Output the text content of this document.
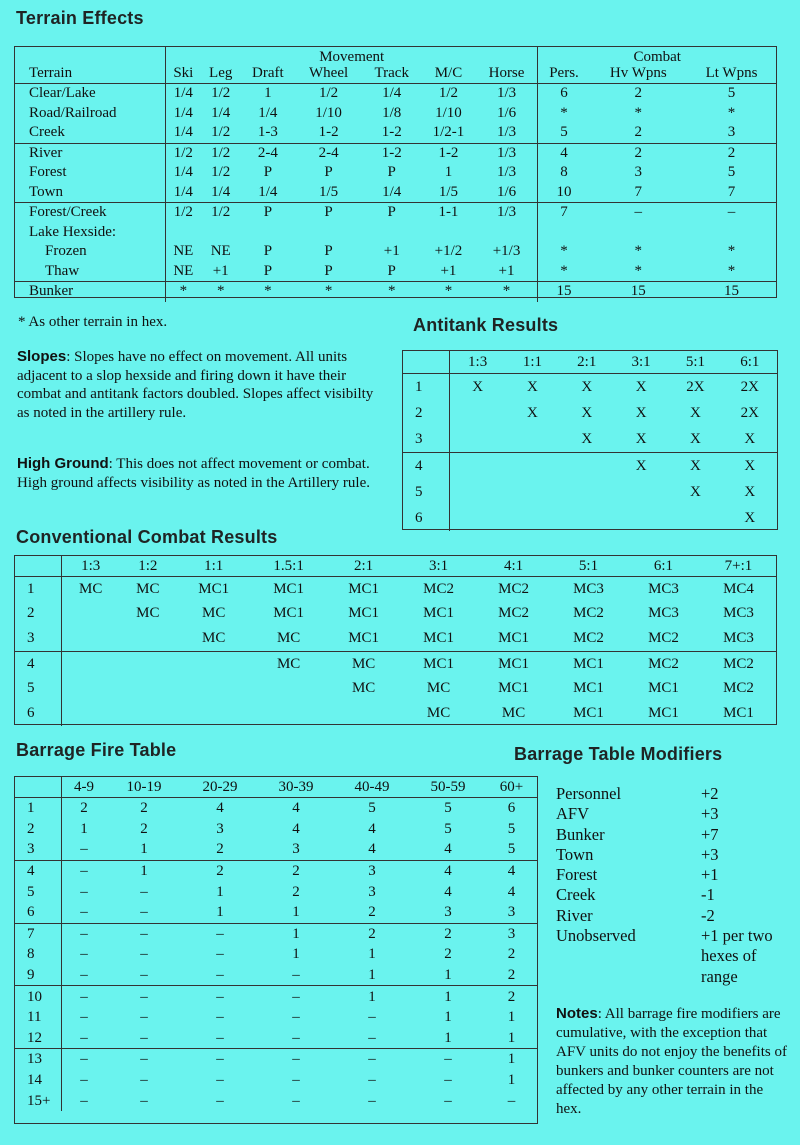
Terrain Effects
	Movement							Combat		
Terrain	Ski	Leg	Draft	Wheel	Track	M/C	Horse	Pers.	Hv Wpns	Lt Wpns
Clear/Lake	1/4	1/2	1	1/2	1/4	1/2	1/3	6	2	5
Road/Railroad	1/4	1/4	1/4	1/10	1/8	1/10	1/6	*	*	*
Creek	1/4	1/2	1-3	1-2	1-2	1/2-1	1/3	5	2	3
River	1/2	1/2	2-4	2-4	1-2	1-2	1/3	4	2	2
Forest	1/4	1/2	P	P	P	1	1/3	8	3	5
Town	1/4	1/4	1/4	1/5	1/4	1/5	1/6	10	7	7
Forest/Creek	1/2	1/2	P	P	P	1-1	1/3	7	–	–
Lake Hexside:										
Frozen	NE	NE	P	P	+1	+1/2	+1/3	*	*	*
Thaw	NE	+1	P	P	P	+1	+1	*	*	*
Bunker	*	*	*	*	*	*	*	15	15	15
* As other terrain in hex.	Antitank Results
	1:3	1:1	2:1	3:1	5:1	6:1
1	X	X	X	X	2X	2X
2		X	X	X	X	2X
3			X	X	X	X
4				X	X	X
5					X	X
6						X
Slopes: Slopes have no effect on movement. All units adjacent to a slop hexside and firing down it have their combat and antitank factors doubled. Slopes affect visibilty as noted in the artillery rule.
High Ground: This does not affect movement or combat. High ground affects visibility as noted in the Artillery rule.
Conventional Combat Results
	1:3	1:2	1:1	1.5:1	2:1	3:1	4:1	5:1	6:1	7+:1
1	MC	MC	MC1	MC1	MC1	MC2	MC2	MC3	MC3	MC4
2		MC	MC	MC1	MC1	MC1	MC2	MC2	MC3	MC3
3			MC	MC	MC1	MC1	MC1	MC2	MC2	MC3
4				MC	MC	MC1	MC1	MC1	MC2	MC2
5					MC	MC	MC1	MC1	MC1	MC2
6						MC	MC	MC1	MC1	MC1
Barrage Fire Table
	4-9	10-19	20-29	30-39	40-49	50-59	60+
1	2	2	4	4	5	5	6
2	1	2	3	4	4	5	5
3	–	1	2	3	4	4	5
4	–	1	2	2	3	4	4
5	–	–	1	2	3	4	4
6	–	–	1	1	2	3	3
7	–	–	–	1	2	2	3
8	–	–	–	1	1	2	2
9	–	–	–	–	1	1	2
10	–	–	–	–	1	1	2
11	–	–	–	–	–	1	1
12	–	–	–	–	–	1	1
13	–	–	–	–	–	–	1
14	–	–	–	–	–	–	1
15+	–	–	–	–	–	–	–
Barrage Table Modifiers
Personnel	+2
AFV	+3
Bunker	+7
Town	+3
Forest	+1
Creek	-1
River	-2
Unobserved	+1 per two
hexes of
range
Notes: All barrage fire modifiers are cumulative, with the exception that AFV units do not enjoy the benefits of bunkers and bunker counters are not affected by any other terrain in the hex.
